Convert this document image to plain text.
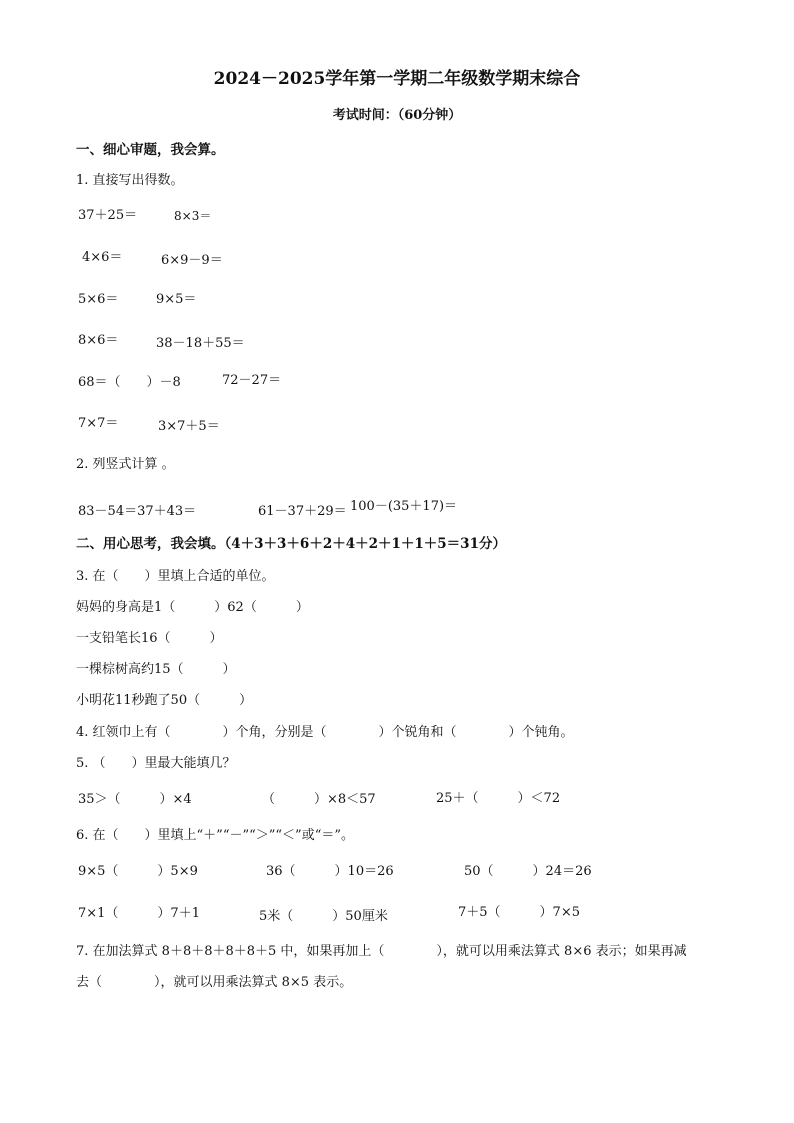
2024－2025学年第一学期二年级数学期末综合
考试时间：（60分钟）
一、细心审题，我会算。
1. 直接写出得数。
37＋25＝	8×3＝
4×6＝	6×9－9＝
5×6＝	9×5＝
8×6＝	38－18＋55＝
68＝（　　）－8	72－27＝
7×7＝	3×7＋5＝
2. 列竖式计算 。
83－54＝37＋43＝	61－37＋29＝ 100－(35＋17)＝
二、用心思考，我会填。（4＋3＋3＋6＋2＋4＋2＋1＋1＋5＝31分）
3. 在（　　）里填上合适的单位。
妈妈的身高是1（　　　）62（　　　）
一支铅笔长16（　　　）
一棵棕树高约15（　　　）
小明花11秒跑了50（　　　）
4. 红领巾上有（　　　　）个角，分别是（　　　　）个锐角和（　　　　）个钝角。
5. （　　）里最大能填几？
35＞（　　　）×4	（　　　）×8＜57	25＋（　　　）＜72
6. 在（　　）里填上“＋”“－”“＞”“＜”或“＝”。
9×5（　　　）5×9	36（　　　）10＝26	50（　　　）24＝26
7×1（　　　）7＋1	5米（　　　）50厘米	7＋5（　　　）7×5
7. 在加法算式 8＋8＋8＋8＋8＋5 中，如果再加上（　　　　），就可以用乘法算式 8×6 表示；如果再减
去（　　　　），就可以用乘法算式 8×5 表示。
